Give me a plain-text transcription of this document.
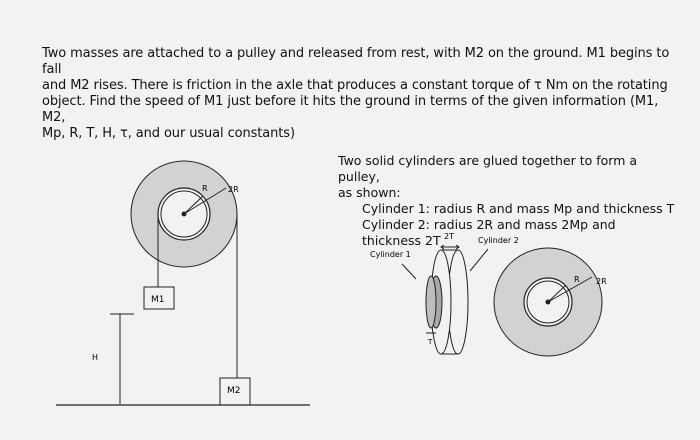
Two masses are attached to a pulley and released from rest, with M2 on the ground. M1 begins to fall

and M2 rises. There is friction in the axle that produces a constant torque of τ Nm on the rotating

object. Find the speed of M1 just before it hits the ground in terms of the given information (M1, M2,

Mp, R, T, H, τ, and our usual constants)

Two solid cylinders are glued together to form a pulley,

as shown:

Cylinder 1: radius R and mass Mp and thickness T

Cylinder 2: radius 2R and mass 2Mp and thickness 2T

R	2R
M1
M2
H
2T
Cylinder 1
Cylinder 2
T
R 2R
